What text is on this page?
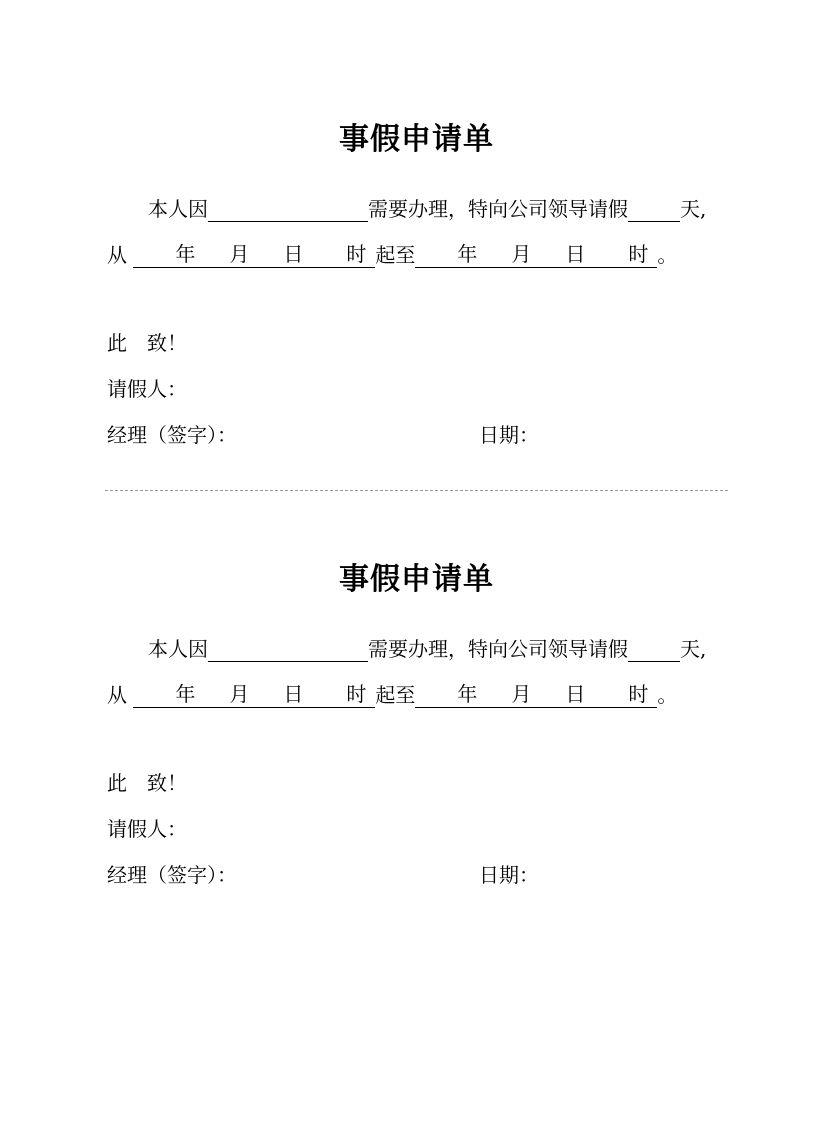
事假申请单
本人因	需要办理，特向公司领导请假	天,
从 年 月 日 时 起至 年 月 日 时 。
此　致！
请假人：
经理（签字）：	日期：
事假申请单
本人因	需要办理，特向公司领导请假	天,
从 年 月 日 时 起至 年 月 日 时 。
此　致！
请假人：
经理（签字）：	日期：
